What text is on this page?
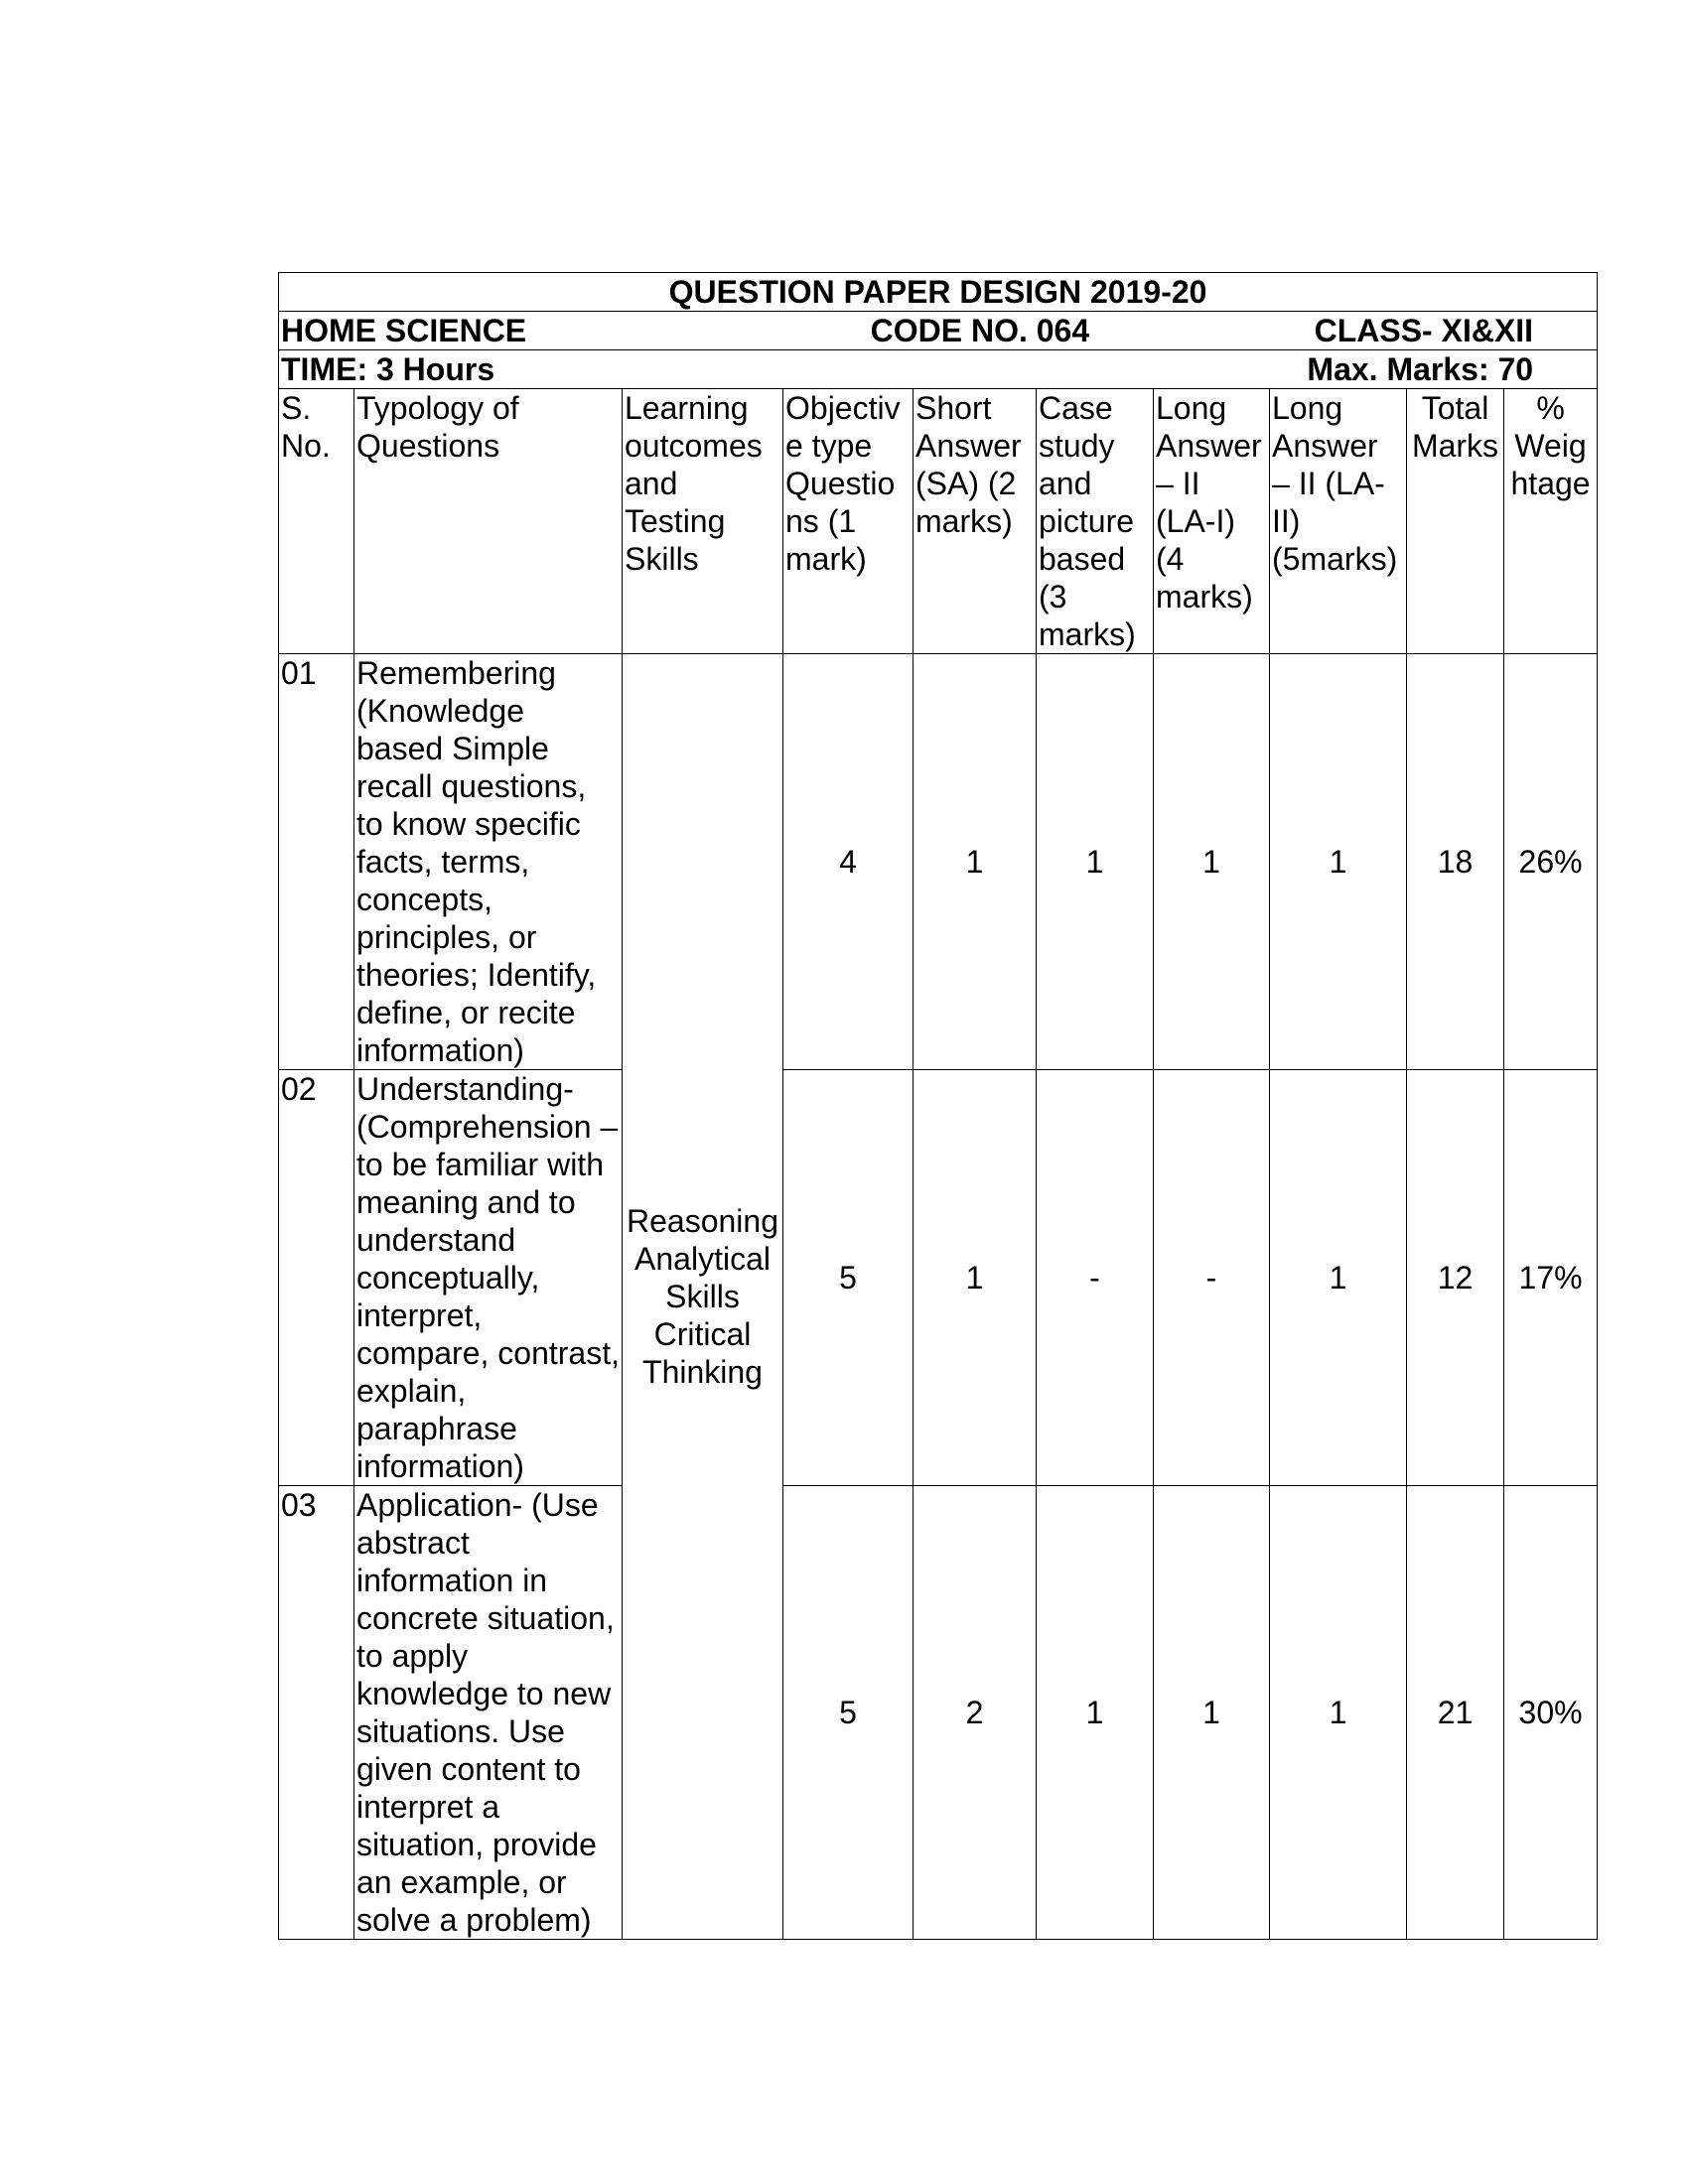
QUESTION PAPER DESIGN 2019-20									

HOME SCIENCE CODE NO. 064 CLASS- XI&XII									

TIME: 3 Hours Max. Marks: 70									

S. No.	Typology of Questions	Learning outcomes and Testing Skills	Objectiv e type Questio ns (1 mark)	Short Answer (SA) (2 marks)	Case study and picture based (3 marks)	Long Answer – II (LA-I) (4 marks)	Long Answer – II (LA- II) (5marks)	Total Marks	% Weig htage
01	Remembering (Knowledge based Simple recall questions, to know specific facts, terms, concepts, principles, or theories; Identify, define, or recite information)	Reasoning Analytical Skills Critical Thinking	4	1	1	1	1	18	26%
02	Understanding- (Comprehension – to be familiar with meaning and to understand conceptually, interpret, compare, contrast, explain, paraphrase information)		5	1	-	-	1	12	17%
03	Application- (Use abstract information in concrete situation, to apply knowledge to new situations. Use given content to interpret a situation, provide an example, or solve a problem)		5	2	1	1	1	21	30%
